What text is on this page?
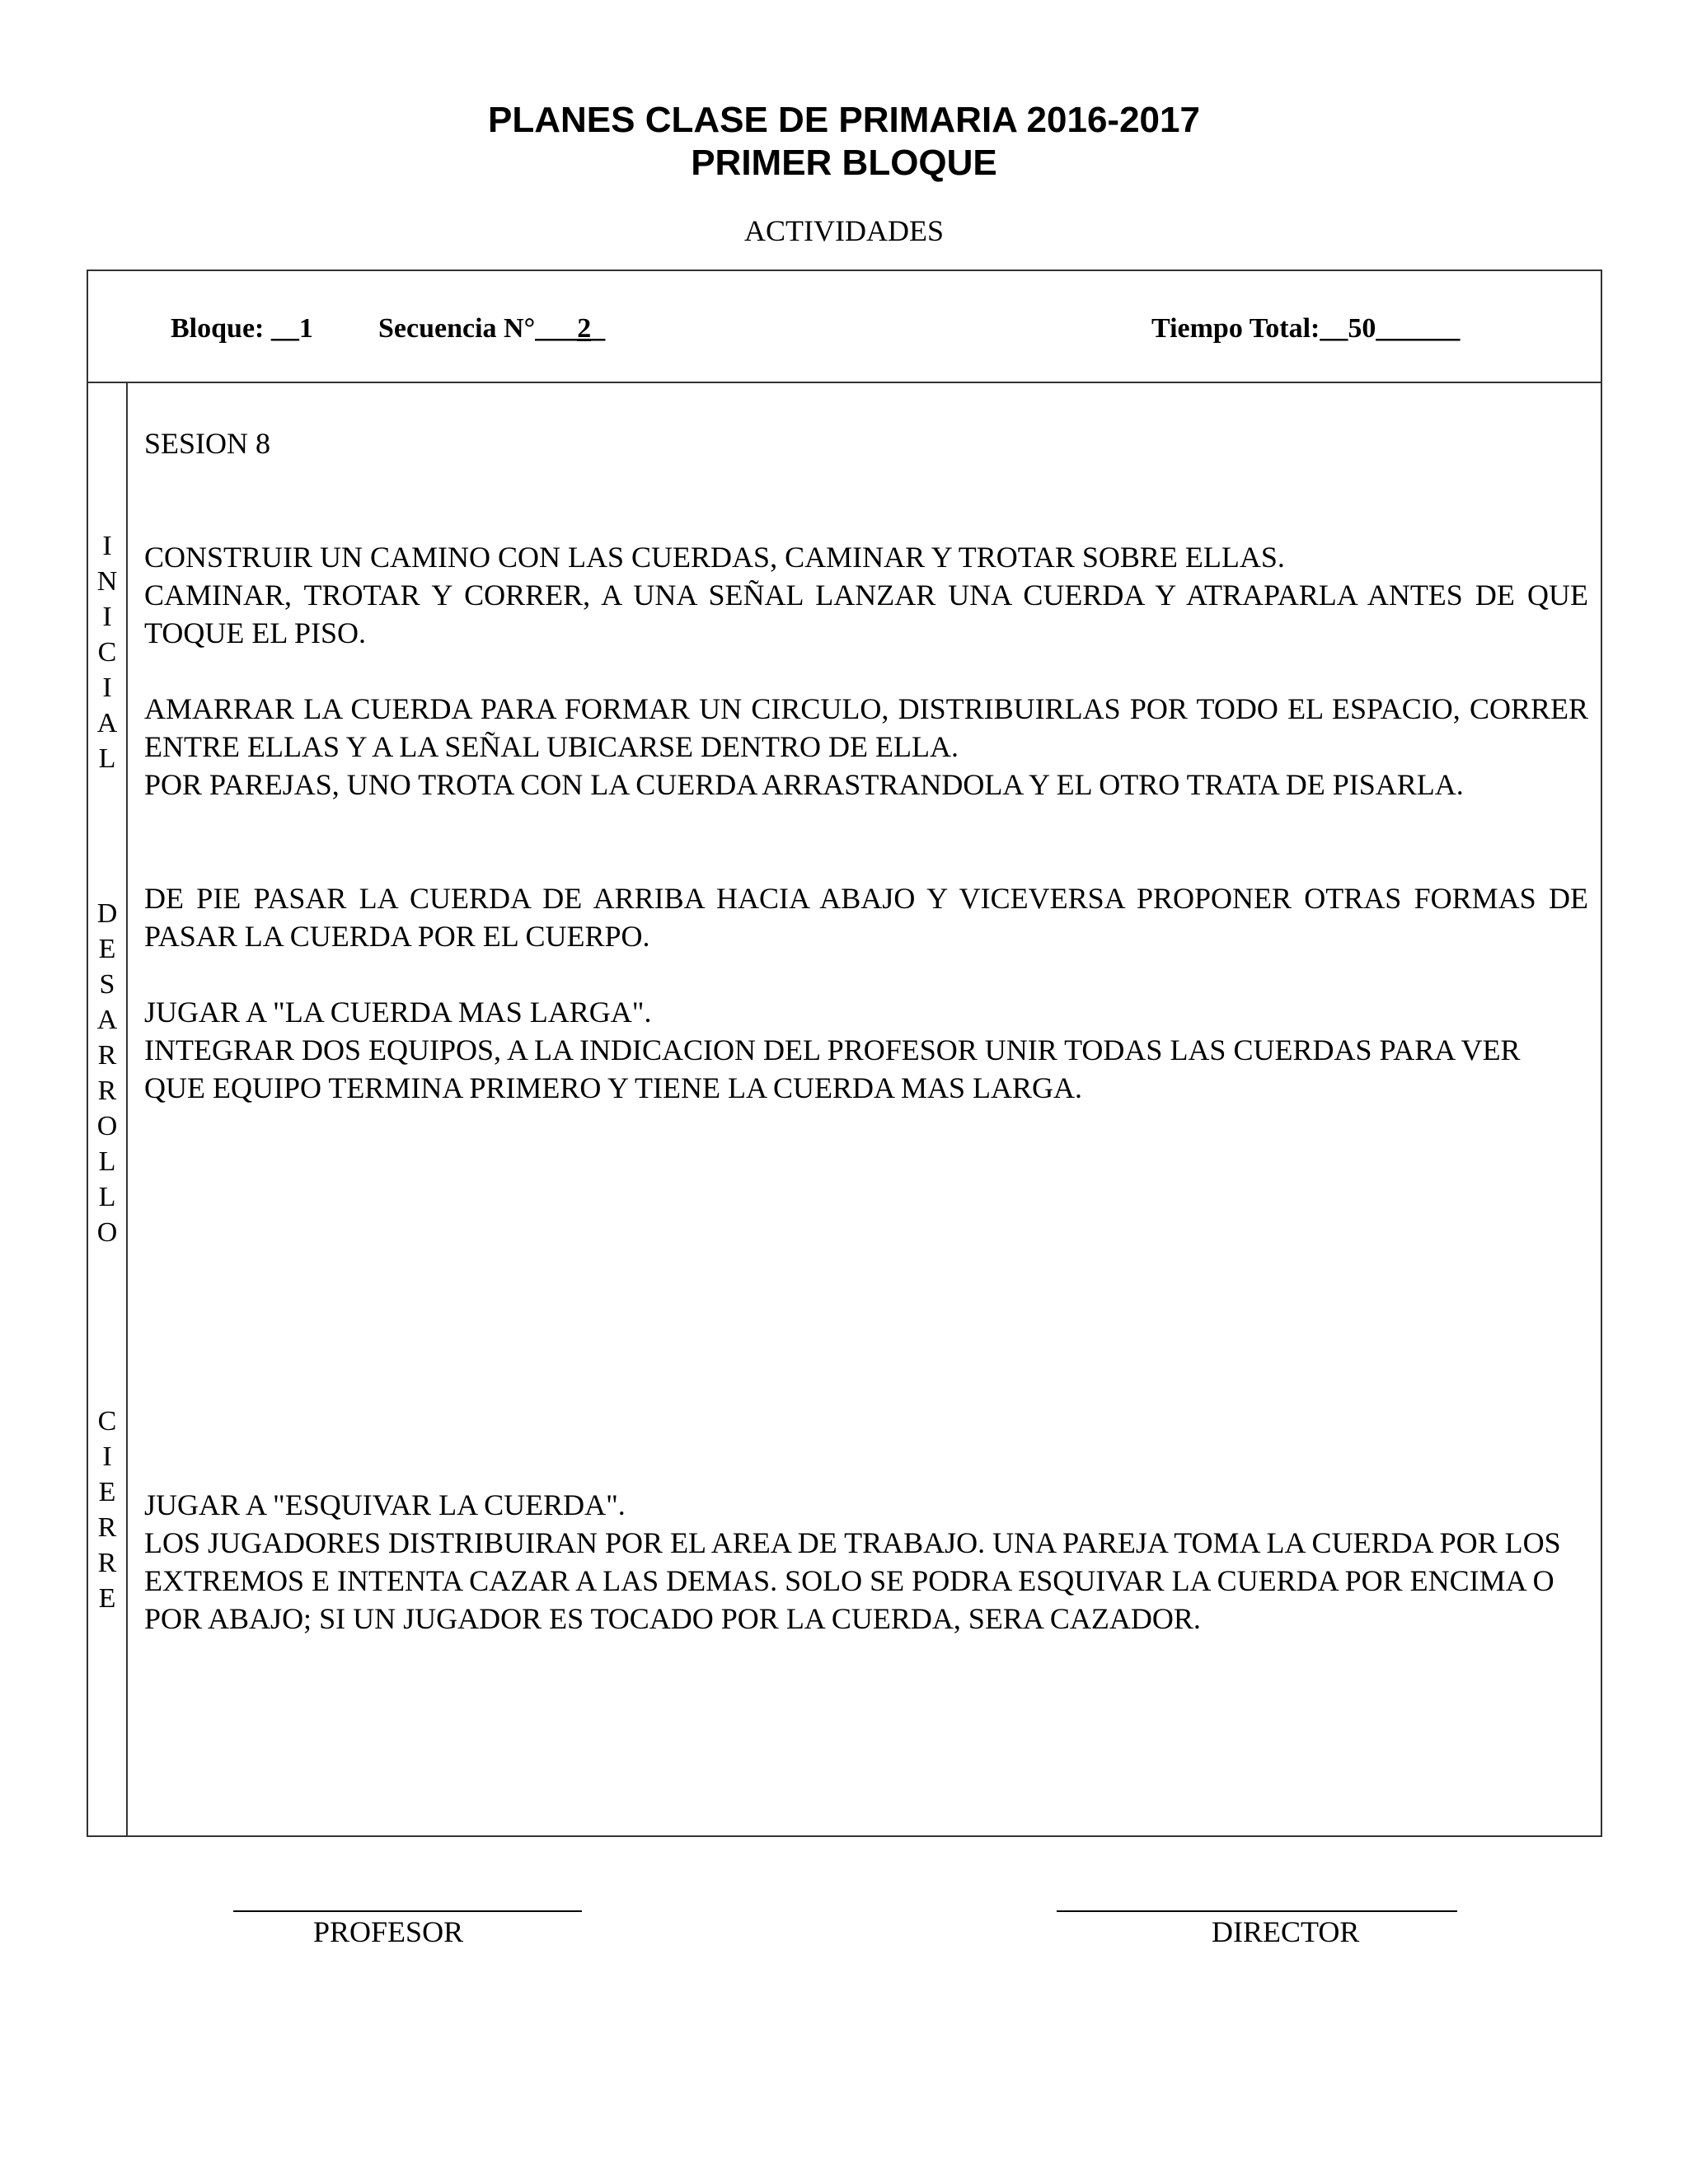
PLANES CLASE DE PRIMARIA 2016-2017
PRIMER BLOQUE
ACTIVIDADES
Bloque: __1 Secuencia N°___2_	Tiempo Total:__50______
I
N
I
C
I
A
L
D
E
S
A
R
R
O
L
L
O
C
I
E
R
R
E
SESION 8

CONSTRUIR UN CAMINO CON LAS CUERDAS, CAMINAR Y TROTAR SOBRE ELLAS.

CAMINAR, TROTAR Y CORRER, A UNA SEÑAL LANZAR UNA CUERDA Y ATRAPARLA ANTES DE QUE TOQUE EL PISO.

AMARRAR LA CUERDA PARA FORMAR UN CIRCULO, DISTRIBUIRLAS POR TODO EL ESPACIO, CORRER ENTRE ELLAS Y A LA SEÑAL UBICARSE DENTRO DE ELLA.

POR PAREJAS, UNO TROTA CON LA CUERDA ARRASTRANDOLA Y EL OTRO TRATA DE PISARLA.

DE PIE PASAR LA CUERDA DE ARRIBA HACIA ABAJO Y VICEVERSA PROPONER OTRAS FORMAS DE PASAR LA CUERDA POR EL CUERPO.

JUGAR A "LA CUERDA MAS LARGA".

INTEGRAR DOS EQUIPOS, A LA INDICACION DEL PROFESOR UNIR TODAS LAS CUERDAS PARA VER QUE EQUIPO TERMINA PRIMERO Y TIENE LA CUERDA MAS LARGA.

JUGAR A "ESQUIVAR LA CUERDA".

LOS JUGADORES DISTRIBUIRAN POR EL AREA DE TRABAJO. UNA PAREJA TOMA LA CUERDA POR LOS EXTREMOS E INTENTA CAZAR A LAS DEMAS. SOLO SE PODRA ESQUIVAR LA CUERDA POR ENCIMA O POR ABAJO; SI UN JUGADOR ES TOCADO POR LA CUERDA, SERA CAZADOR.

PROFESOR	DIRECTOR
